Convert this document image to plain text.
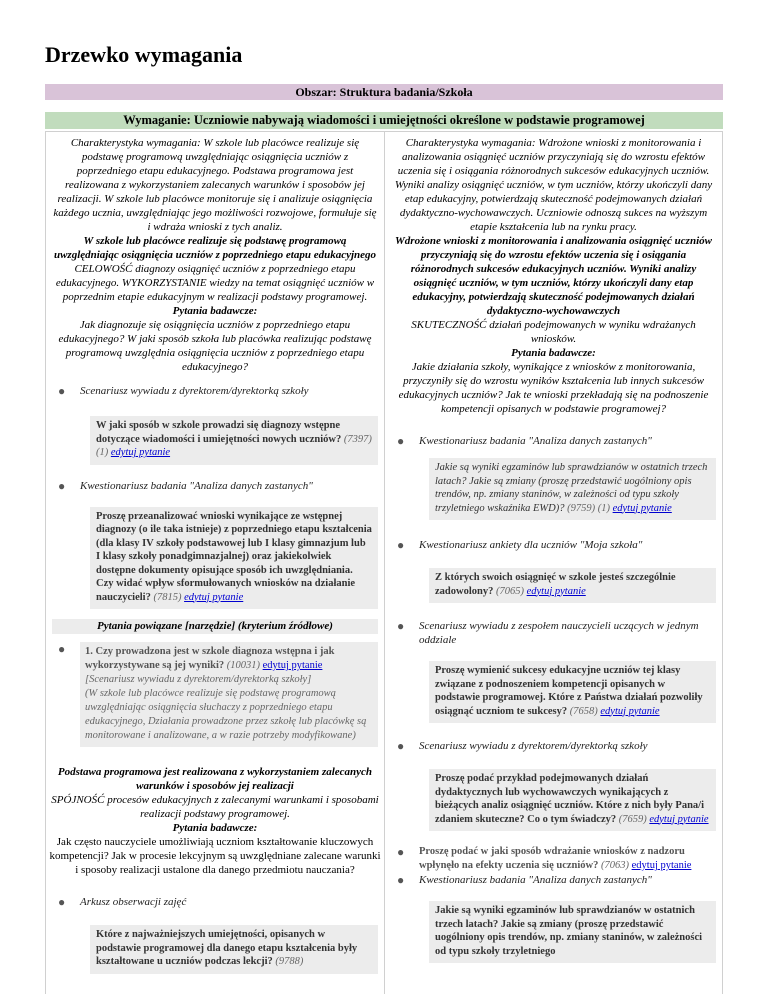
Drzewko wymagania
Obszar: Struktura badania/Szkoła
Wymaganie: Uczniowie nabywają wiadomości i umiejętności określone w podstawie programowej
Charakterystyka wymagania: W szkole lub placówce realizuje się podstawę programową uwzględniając osiągnięcia uczniów z poprzedniego etapu edukacyjnego. Podstawa programowa jest realizowana z wykorzystaniem zalecanych warunków i sposobów jej realizacji. W szkole lub placówce monitoruje się i analizuje osiągnięcia każdego ucznia, uwzględniając jego możliwości rozwojowe, formułuje się i wdraża wnioski z tych analiz.
W szkole lub placówce realizuje się podstawę programową uwzględniając osiągnięcia uczniów z poprzedniego etapu edukacyjnego
CELOWOŚĆ diagnozy osiągnięć uczniów z poprzedniego etapu edukacyjnego. WYKORZYSTANIE wiedzy na temat osiągnięć uczniów w poprzednim etapie edukacyjnym w realizacji podstawy programowej.
Pytania badawcze:
Jak diagnozuje się osiągnięcia uczniów z poprzedniego etapu edukacyjnego? W jaki sposób szkoła lub placówka realizując podstawę programową uwzględnia osiągnięcia uczniów z poprzedniego etapu edukacyjnego?
●	Scenariusz wywiadu z dyrektorem/dyrektorką szkoły
W jaki sposób w szkole prowadzi się diagnozy wstępne dotyczące wiadomości i umiejętności nowych uczniów? (7397) (1) edytuj pytanie
●	Kwestionariusz badania "Analiza danych zastanych"
Proszę przeanalizować wnioski wynikające ze wstępnej diagnozy (o ile taka istnieje) z poprzedniego etapu kształcenia (dla klasy IV szkoły podstawowej lub I klasy gimnazjum lub I klasy szkoły ponadgimnazjalnej) oraz jakiekolwiek dostępne dokumenty opisujące sposób ich uwzględniania. Czy widać wpływ sformułowanych wniosków na działanie nauczycieli? (7815) edytuj pytanie
Pytania powiązane [narzędzie] (kryterium źródłowe)
●	1. Czy prowadzona jest w szkole diagnoza wstępna i jak wykorzystywane są jej wyniki? (10031) edytuj pytanie
[Scenariusz wywiadu z dyrektorem/dyrektorką szkoły]
(W szkole lub placówce realizuje się podstawę programową uwzględniając osiągnięcia słuchaczy z poprzedniego etapu edukacyjnego, Działania prowadzone przez szkołę lub placówkę są monitorowane i analizowane, a w razie potrzeby modyfikowane)
Podstawa programowa jest realizowana z wykorzystaniem zalecanych warunków i sposobów jej realizacji
SPÓJNOŚĆ procesów edukacyjnych z zalecanymi warunkami i sposobami realizacji podstawy programowej.
Pytania badawcze:
Jak często nauczyciele umożliwiają uczniom kształtowanie kluczowych kompetencji? Jak w procesie lekcyjnym są uwzględniane zalecane warunki i sposoby realizacji ustalone dla danego przedmiotu nauczania?
●	Arkusz obserwacji zajęć
Które z najważniejszych umiejętności, opisanych w podstawie programowej dla danego etapu kształcenia były kształtowane u uczniów podczas lekcji? (9788)
Charakterystyka wymagania: Wdrożone wnioski z monitorowania i analizowania osiągnięć uczniów przyczyniają się do wzrostu efektów uczenia się i osiągania różnorodnych sukcesów edukacyjnych uczniów. Wyniki analizy osiągnięć uczniów, w tym uczniów, którzy ukończyli dany etap edukacyjny, potwierdzają skuteczność podejmowanych działań dydaktyczno-wychowawczych. Uczniowie odnoszą sukces na wyższym etapie kształcenia lub na rynku pracy.
Wdrożone wnioski z monitorowania i analizowania osiągnięć uczniów przyczyniają się do wzrostu efektów uczenia się i osiągania różnorodnych sukcesów edukacyjnych uczniów. Wyniki analizy osiągnięć uczniów, w tym uczniów, którzy ukończyli dany etap edukacyjny, potwierdzają skuteczność podejmowanych działań dydaktyczno-wychowawczych
SKUTECZNOŚĆ działań podejmowanych w wyniku wdrażanych wniosków.
Pytania badawcze:
Jakie działania szkoły, wynikające z wniosków z monitorowania, przyczyniły się do wzrostu wyników kształcenia lub innych sukcesów edukacyjnych uczniów? Jak te wnioski przekładają się na podnoszenie kompetencji opisanych w podstawie programowej?
●	Kwestionariusz badania "Analiza danych zastanych"
Jakie są wyniki egzaminów lub sprawdzianów w ostatnich trzech latach? Jakie są zmiany (proszę przedstawić uogólniony opis trendów, np. zmiany staninów, w zależności od typu szkoły trzyletniego wskaźnika EWD)? (9759) (1) edytuj pytanie
●	Kwestionariusz ankiety dla uczniów "Moja szkoła"
Z których swoich osiągnięć w szkole jesteś szczególnie zadowolony? (7065) edytuj pytanie
●	Scenariusz wywiadu z zespołem nauczycieli uczących w jednym oddziale
Proszę wymienić sukcesy edukacyjne uczniów tej klasy związane z podnoszeniem kompetencji opisanych w podstawie programowej. Które z Państwa działań pozwoliły osiągnąć uczniom te sukcesy? (7658) edytuj pytanie
●	Scenariusz wywiadu z dyrektorem/dyrektorką szkoły
Proszę podać przykład podejmowanych działań dydaktycznych lub wychowawczych wynikających z bieżących analiz osiągnięć uczniów. Które z nich były Pana/i zdaniem skuteczne? Co o tym świadczy? (7659) edytuj pytanie
●	Proszę podać w jaki sposób wdrażanie wniosków z nadzoru wpłynęło na efekty uczenia się uczniów? (7063) edytuj pytanie
●	Kwestionariusz badania "Analiza danych zastanych"
Jakie są wyniki egzaminów lub sprawdzianów w ostatnich trzech latach? Jakie są zmiany (proszę przedstawić uogólniony opis trendów, np. zmiany staninów, w zależności od typu szkoły trzyletniego
